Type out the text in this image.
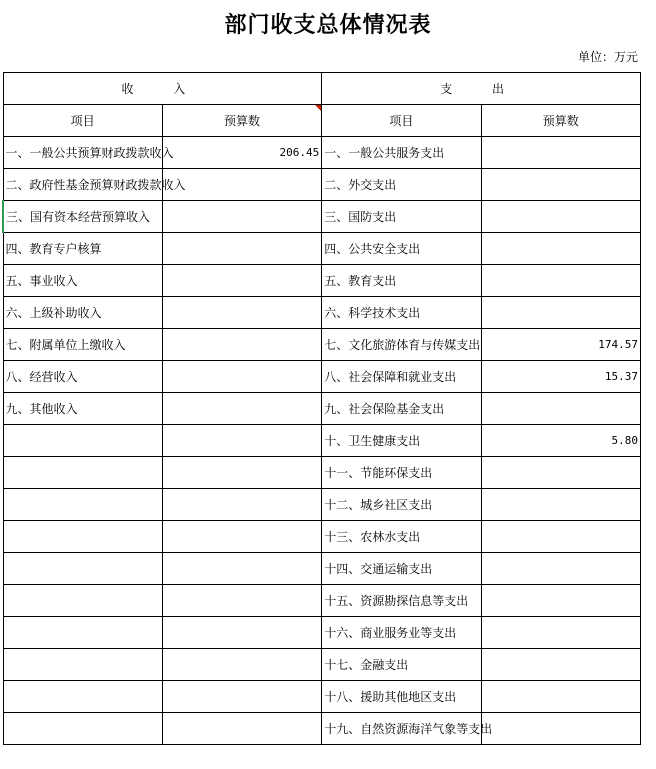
部门收支总体情况表
单位：万元
收 入		支 出	
项目	预算数	项目	预算数
一、一般公共预算财政拨款收入	206.45	一、一般公共服务支出	
二、政府性基金预算财政拨款收入		二、外交支出	
三、国有资本经营预算收入		三、国防支出	
四、教育专户核算		四、公共安全支出	
五、事业收入		五、教育支出	
六、上级补助收入		六、科学技术支出	
七、附属单位上缴收入		七、文化旅游体育与传媒支出	174.57
八、经营收入		八、社会保障和就业支出	15.37
九、其他收入		九、社会保险基金支出	
		十、卫生健康支出	5.80
		十一、节能环保支出	
		十二、城乡社区支出	
		十三、农林水支出	
		十四、交通运输支出	
		十五、资源勘探信息等支出	
		十六、商业服务业等支出	
		十七、金融支出	
		十八、援助其他地区支出	
		十九、自然资源海洋气象等支出	
